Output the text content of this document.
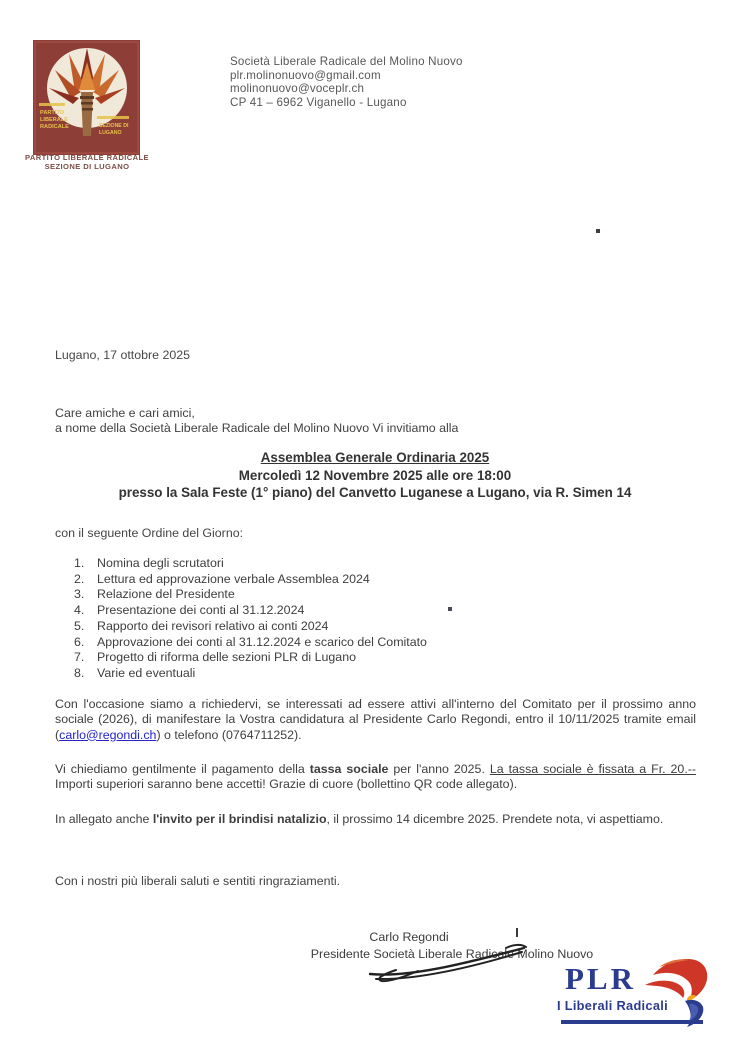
PARTITO
LIBERALE
RADICALE	SEZIONE DI
LUGANO
PARTITO LIBERALE RADICALE
SEZIONE DI LUGANO
Società Liberale Radicale del Molino Nuovo
plr.molinonuovo@gmail.com
molinonuovo@voceplr.ch
CP 41 – 6962 Viganello - Lugano
Lugano, 17 ottobre 2025
Care amiche e cari amici,
a nome della Società Liberale Radicale del Molino Nuovo Vi invitiamo alla
Assemblea Generale Ordinaria 2025
Mercoledì 12 Novembre 2025 alle ore 18:00
presso la Sala Feste (1° piano) del Canvetto Luganese a Lugano, via R. Simen 14
con il seguente Ordine del Giorno:
1.	Nomina degli scrutatori
2.	Lettura ed approvazione verbale Assemblea 2024
3.	Relazione del Presidente
4.	Presentazione dei conti al 31.12.2024
5.	Rapporto dei revisori relativo ai conti 2024
6.	Approvazione dei conti al 31.12.2024 e scarico del Comitato
7.	Progetto di riforma delle sezioni PLR di Lugano
8.	Varie ed eventuali
Con l'occasione siamo a richiedervi, se interessati ad essere attivi all'interno del Comitato per il prossimo anno sociale (2026), di manifestare la Vostra candidatura al Presidente Carlo Regondi, entro il 10/11/2025 tramite email (carlo@regondi.ch) o telefono (0764711252).
Vi chiediamo gentilmente il pagamento della tassa sociale per l'anno 2025. La tassa sociale è fissata a Fr. 20.-- Importi superiori saranno bene accetti! Grazie di cuore (bollettino QR code allegato).
In allegato anche l'invito per il brindisi natalizio, il prossimo 14 dicembre 2025. Prendete nota, vi aspettiamo.
Con i nostri più liberali saluti e sentiti ringraziamenti.
Carlo Regondi
Presidente Società Liberale Radicale Molino Nuovo
PLR
I Liberali Radicali
